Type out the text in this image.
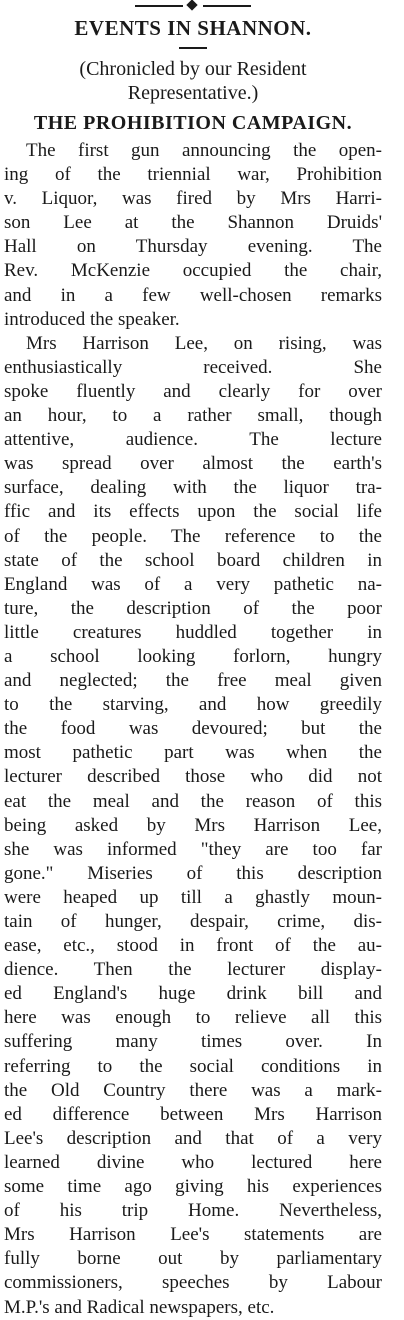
EVENTS IN SHANNON.

(Chronicled by our Resident

Representative.)

THE PROHIBITION CAMPAIGN.

The first gun announcing the open-
ing of the triennial war, Prohibition
v. Liquor, was fired by Mrs Harri-
son Lee at the Shannon Druids'
Hall on Thursday evening. The
Rev. McKenzie occupied the chair,
and in a few well-chosen remarks
introduced the speaker.

Mrs Harrison Lee, on rising, was
enthusiastically received. She
spoke fluently and clearly for over
an hour, to a rather small, though
attentive, audience. The lecture
was spread over almost the earth's
surface, dealing with the liquor tra-
ffic and its effects upon the social life
of the people. The reference to the
state of the school board children in
England was of a very pathetic na-
ture, the description of the poor
little creatures huddled together in
a school looking forlorn, hungry
and neglected; the free meal given
to the starving, and how greedily
the food was devoured; but the
most pathetic part was when the
lecturer described those who did not
eat the meal and the reason of this
being asked by Mrs Harrison Lee,
she was informed "they are too far
gone." Miseries of this description
were heaped up till a ghastly moun-
tain of hunger, despair, crime, dis-
ease, etc., stood in front of the au-
dience. Then the lecturer display-
ed England's huge drink bill and
here was enough to relieve all this
suffering many times over. In
referring to the social conditions in
the Old Country there was a mark-
ed difference between Mrs Harrison
Lee's description and that of a very
learned divine who lectured here
some time ago giving his experiences
of his trip Home. Nevertheless,
Mrs Harrison Lee's statements are
fully borne out by parliamentary
commissioners, speeches by Labour
M.P.'s and Radical newspapers, etc.
